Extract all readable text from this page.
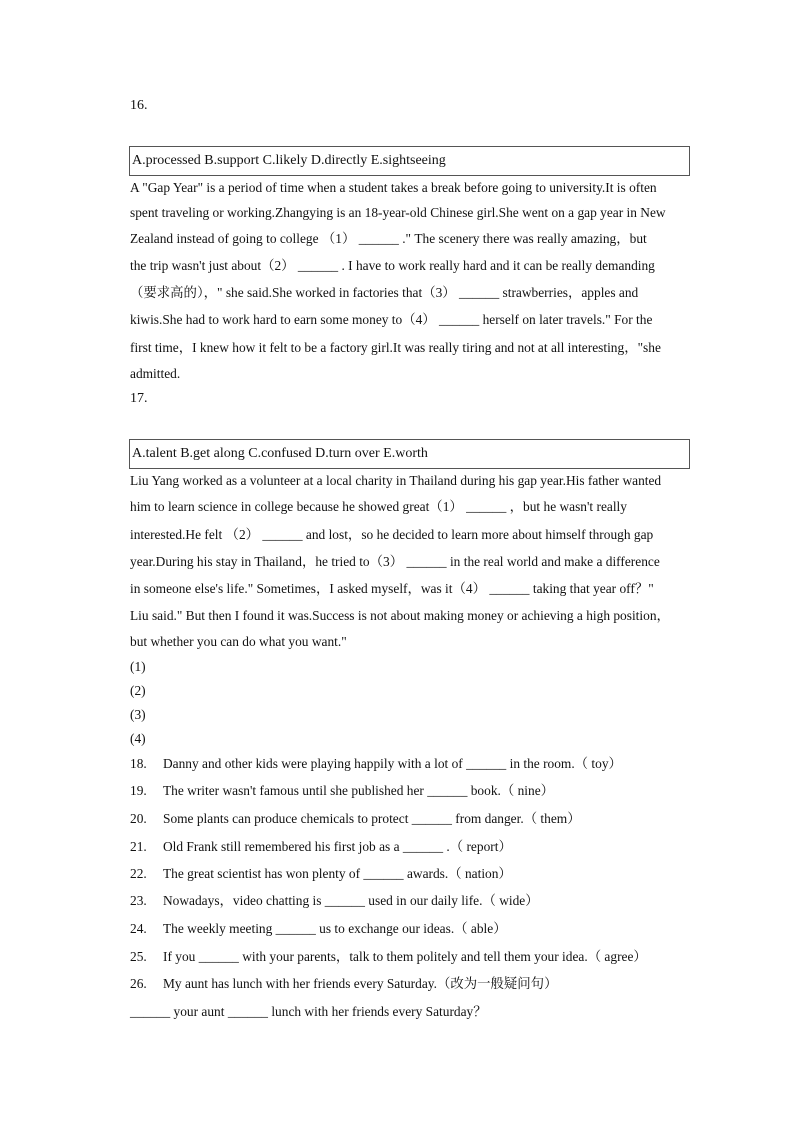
16.
A.processed B.support C.likely D.directly E.sightseeing
A "Gap Year" is a period of time when a student takes a break before going to university.It is often
spent traveling or working.Zhangying is an 18-year-old Chinese girl.She went on a gap year in New
Zealand instead of going to college （1） ______ ." The scenery there was really amazing，but
the trip wasn't just about（2） ______ . I have to work really hard and it can be really demanding
（要求高的），" she said.She worked in factories that（3） ______ strawberries，apples and
kiwis.She had to work hard to earn some money to（4） ______ herself on later travels." For the
first time，I knew how it felt to be a factory girl.It was really tiring and not at all interesting，"she
admitted.
17.
A.talent B.get along C.confused D.turn over E.worth
Liu Yang worked as a volunteer at a local charity in Thailand during his gap year.His father wanted
him to learn science in college because he showed great（1） ______ ，but he wasn't really
interested.He felt （2） ______ and lost，so he decided to learn more about himself through gap
year.During his stay in Thailand，he tried to（3） ______ in the real world and make a difference
in someone else's life." Sometimes，I asked myself，was it（4） ______ taking that year off？"
Liu said." But then I found it was.Success is not about making money or achieving a high position，
but whether you can do what you want."
(1)
(2)
(3)
(4)
18. Danny and other kids were playing happily with a lot of ______ in the room.（ toy）
19. The writer wasn't famous until she published her ______ book.（ nine）
20. Some plants can produce chemicals to protect ______ from danger.（ them）
21. Old Frank still remembered his first job as a ______ .（ report）
22. The great scientist has won plenty of ______ awards.（ nation）
23. Nowadays，video chatting is ______ used in our daily life.（ wide）
24. The weekly meeting ______ us to exchange our ideas.（ able）
25. If you ______ with your parents，talk to them politely and tell them your idea.（ agree）
26. My aunt has lunch with her friends every Saturday.（改为一般疑问句）
______ your aunt ______ lunch with her friends every Saturday？
